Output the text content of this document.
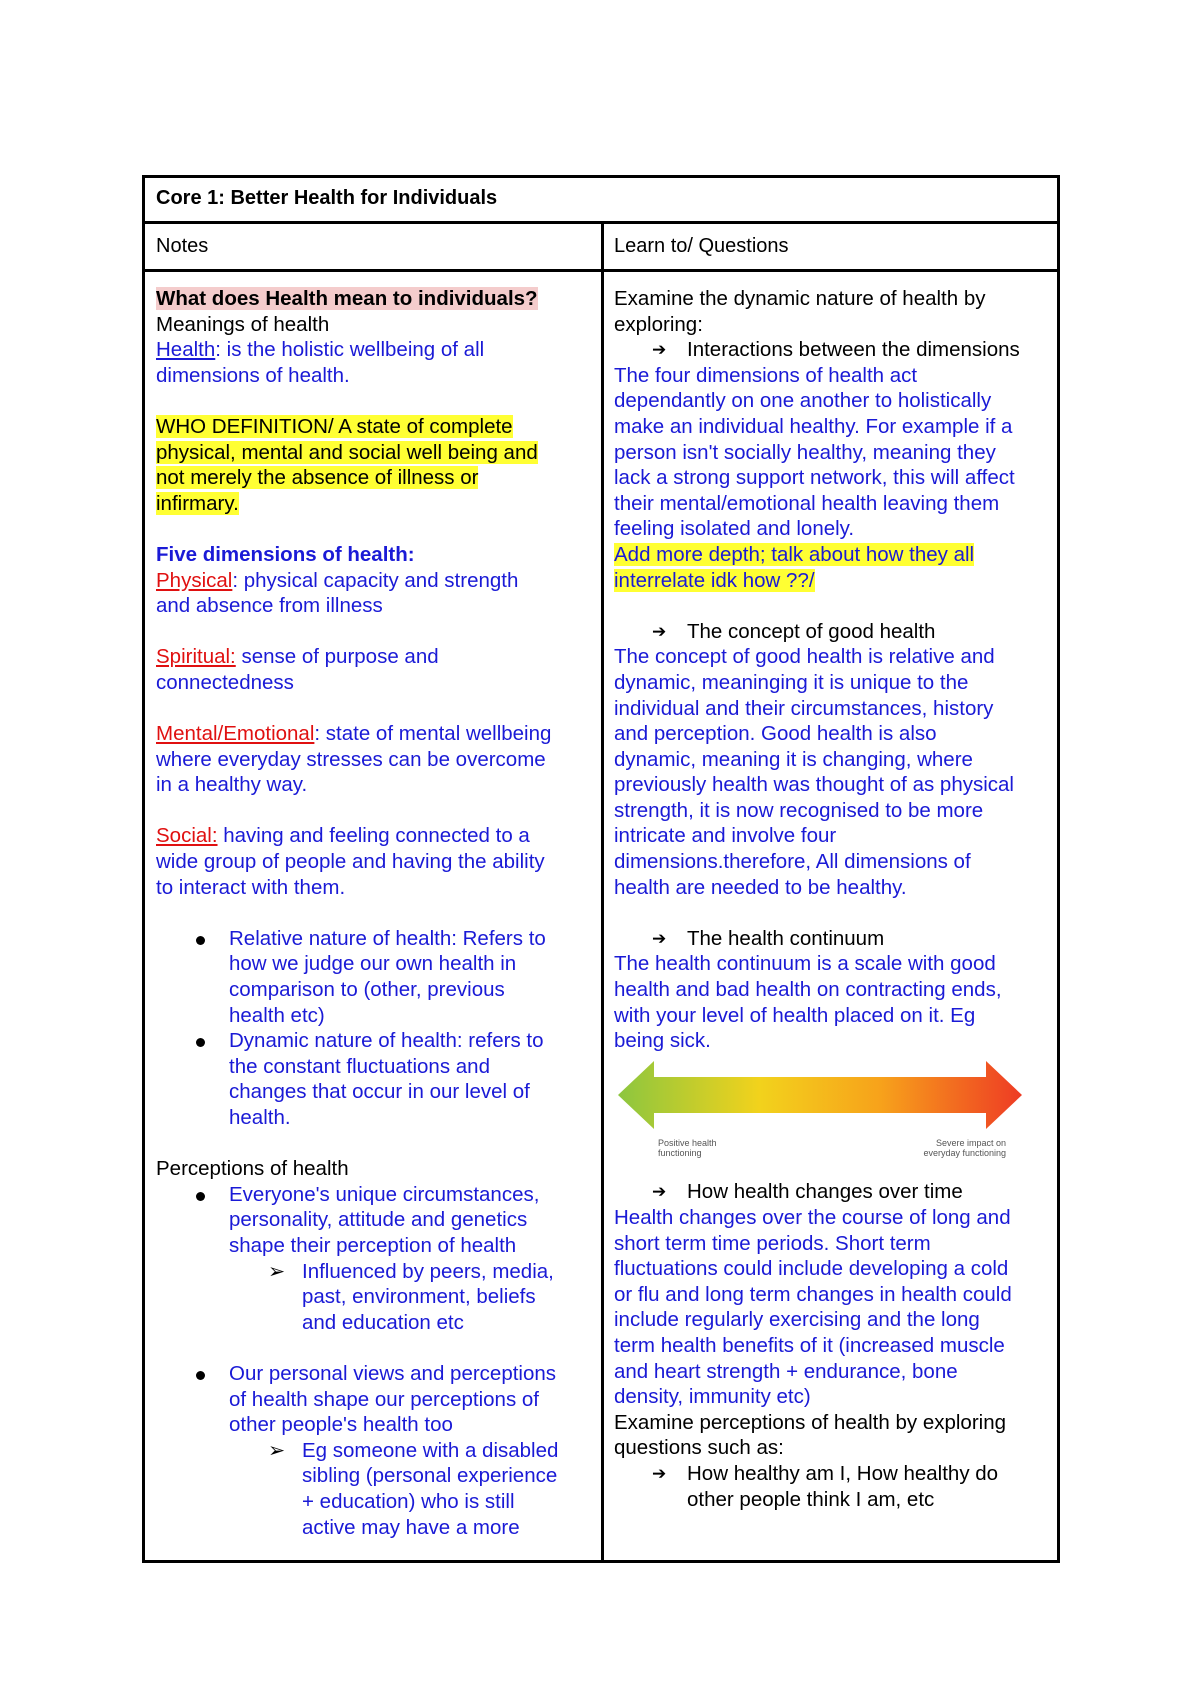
Core 1: Better Health for Individuals
Notes	Learn to/ Questions

What does Health mean to individuals?

Meanings of health

Health: is the holistic wellbeing of all

dimensions of health.

WHO DEFINITION/ A state of complete

physical, mental and social well being and

not merely the absence of illness or

infirmary.

Five dimensions of health:

Physical: physical capacity and strength

and absence from illness

Spiritual: sense of purpose and

connectedness

Mental/Emotional: state of mental wellbeing

where everyday stresses can be overcome

in a healthy way.

Social: having and feeling connected to a

wide group of people and having the ability

to interact with them.

Relative nature of health: Refers to

how we judge our own health in

comparison to (other, previous

health etc)

Dynamic nature of health: refers to

the constant fluctuations and

changes that occur in our level of

health.

Perceptions of health

Everyone's unique circumstances,

personality, attitude and genetics

shape their perception of health

➢ Influenced by peers, media,

past, environment, beliefs

and education etc

Our personal views and perceptions

of health shape our perceptions of

other people's health too

➢ Eg someone with a disabled

sibling (personal experience

+ education) who is still

active may have a more

Examine the dynamic nature of health by

exploring:

➔ Interactions between the dimensions

The four dimensions of health act

dependantly on one another to holistically

make an individual healthy. For example if a

person isn't socially healthy, meaning they

lack a strong support network, this will affect

their mental/emotional health leaving them

feeling isolated and lonely.

Add more depth; talk about how they all

interrelate idk how ??/

➔ The concept of good health

The concept of good health is relative and

dynamic, meaninging it is unique to the

individual and their circumstances, history

and perception. Good health is also

dynamic, meaning it is changing, where

previously health was thought of as physical

strength, it is now recognised to be more

intricate and involve four

dimensions.therefore, All dimensions of

health are needed to be healthy.

➔ The health continuum

The health continuum is a scale with good

health and bad health on contracting ends,

with your level of health placed on it. Eg

being sick.

Positive health
functioning
Severe impact on
everyday functioning
➔ How health changes over time

Health changes over the course of long and

short term time periods. Short term

fluctuations could include developing a cold

or flu and long term changes in health could

include regularly exercising and the long

term health benefits of it (increased muscle

and heart strength + endurance, bone

density, immunity etc)

Examine perceptions of health by exploring

questions such as:

➔ How healthy am I, How healthy do

other people think I am, etc
